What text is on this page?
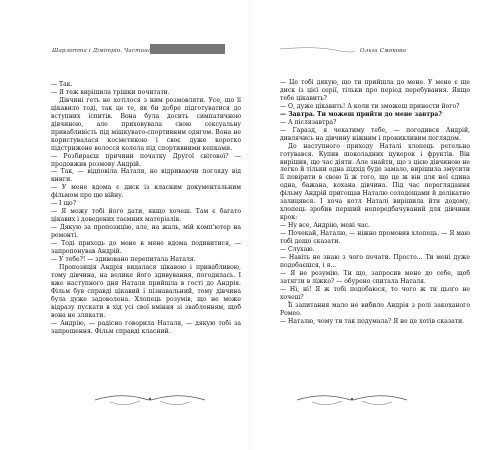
Шарлотта і Дімітріо. Частина II

— Так.

— Я теж вирішила трішки почитати.

Дівчині геть не хотілося з ним розмовляти. Усе, що її цікавило тоді, так це те, як би добре підготуватися до вступних іспитів. Вона була досить симпатичною дівчиною, але приховувала свою сексуальну привабливість під мішкувато-спортивним одягом. Вона не користувалася косметикою і своє дуже коротко підстрижене волосся колола під спортивними кепками.

— Розбираєш причини початку Другої світової? — продовжив розмову Андрій.

— Так, — відповіла Наталя, не відриваючи погляду від книги.

— У мене вдома є диск із класним документальним фільмом про цю війну.

— І що?

— Я можу тобі його дати, якщо хочеш. Там є багато цікавих і доведених таємних матеріалів.

— Дякую за пропозицію, але, на жаль, мій комп'ютер на ремонті.

— Тоді приходь до мене в мене вдома подивитися, — запропонував Андрій.

— У тебе?! — здивовано перепитала Наталя.

Пропозиція Андрія видалася цікавою і привабливою, тому дівчина, на велике його здивування, погодилась. І вже наступного дня Наталя прийшла в гості до Андрія. Фільм був справді цікавий і пізнавальний, тому дівчина була дуже задоволена. Хлопець розумів, що не може відразу пускати в хід усі свої вміння зі звабленням, щоб вона не злякати.

— Андрію, — радісно говорила Наталя, — дякую тобі за запрошення. Фільм справді класний.

Ольга Смокова

— Це тобі дякую, що ти прийшла до мене. У мене є ще диск із цієї серії, тільки про період перебування. Якщо тебе цікавить?

— О, дуже цікавить! А коли ти зможеш принести його?

— Завтра. Ти можеш прийти до мене завтра?

— А післязавтра?

— Гаразд, я чекатиму тебе, — погодився Андрій, дивлячись на дівчину ніжним і проникливим поглядом.

До наступного приходу Наталі хлопець ретельно готувався. Купив шоколадних цукерок і фруктів. Він вирішив, що час діяти. Але знайти, що з цією дівчиною не легко й тільки одна підхід буде замало, вирішила змусити її повірити в свою її ж того, що це ж він для неї єдина одна, бажана, кохана дівчина. Під час переглядання фільму Андрій пригощав Наталю солодощами й делікатно залицявся. І хоча котл Наталі вирішила йти додому, хлопець зробив перший непередбачуваний для дівчини крок:

— Ну все, Андрію, мені час.

— Почекай, Наталю, — ніжно промовив хлопець. — Я маю тобі дещо сказати.

— Слухаю.

— Навіть не знаю з чого почати. Просто... Ти мені дуже подобаєшся, і я...

— Я не розумію. Ти що, запросив мене до себе, щоб затягти в ліжко? — обурено спитала Наталя.

— Ні, ні! Я ж тобі подобаюся, то чого ж ти цього не хочеш?

Її запитання мало не вибило Андрія з ролі закоханого Ромео.

— Наталю, чому ти так подумала? Я не це хотів сказати.
